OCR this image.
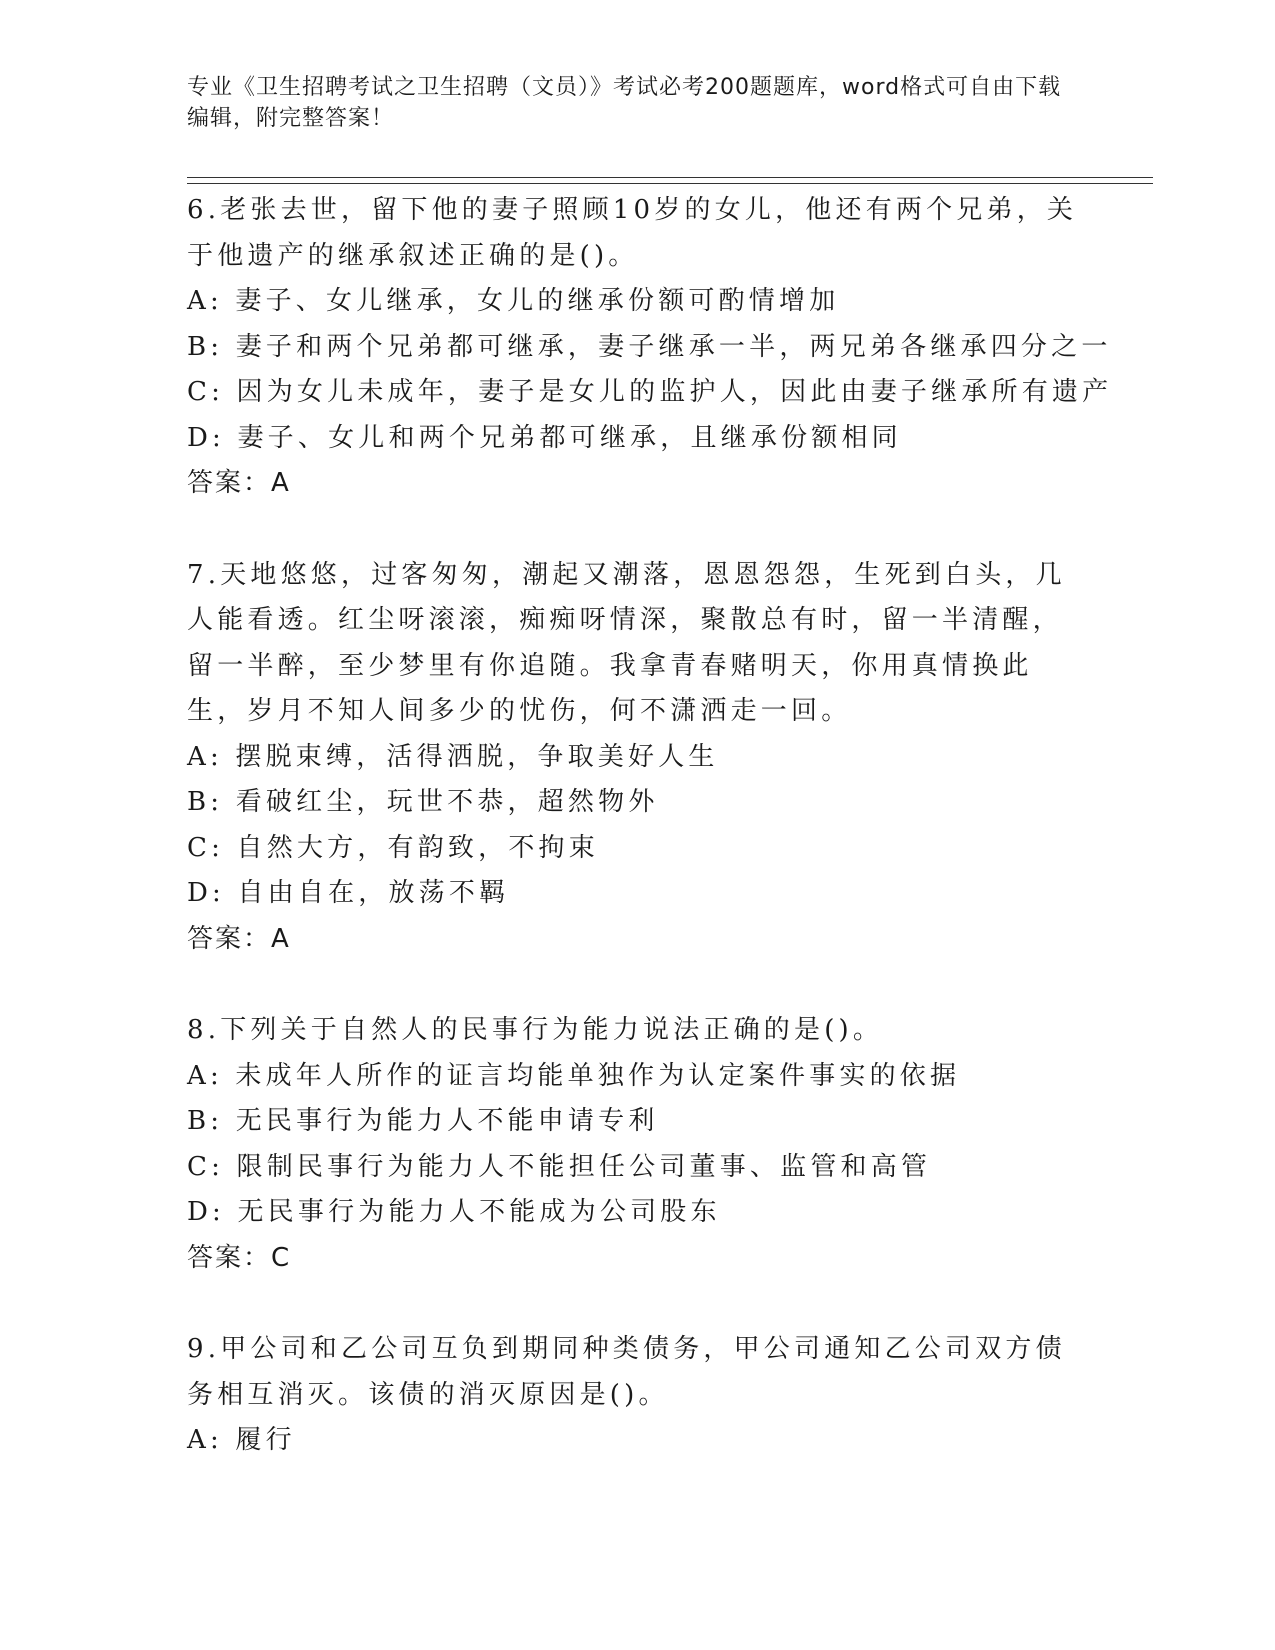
专业《卫生招聘考试之卫生招聘（文员）》考试必考200题题库，word格式可自由下载编辑，附完整答案！
6.老张去世，留下他的妻子照顾10岁的女儿，他还有两个兄弟，关于他遗产的继承叙述正确的是()。
A: 妻子、女儿继承，女儿的继承份额可酌情增加
B: 妻子和两个兄弟都可继承，妻子继承一半，两兄弟各继承四分之一
C: 因为女儿未成年，妻子是女儿的监护人，因此由妻子继承所有遗产
D: 妻子、女儿和两个兄弟都可继承，且继承份额相同
答案：A
7.天地悠悠，过客匆匆，潮起又潮落，恩恩怨怨，生死到白头，几人能看透。红尘呀滚滚，痴痴呀情深，聚散总有时，留一半清醒，留一半醉，至少梦里有你追随。我拿青春赌明天，你用真情换此生，岁月不知人间多少的忧伤，何不潇洒走一回。
A: 摆脱束缚，活得洒脱，争取美好人生
B: 看破红尘，玩世不恭，超然物外
C: 自然大方，有韵致，不拘束
D: 自由自在，放荡不羁
答案：A
8.下列关于自然人的民事行为能力说法正确的是()。
A: 未成年人所作的证言均能单独作为认定案件事实的依据
B: 无民事行为能力人不能申请专利
C: 限制民事行为能力人不能担任公司董事、监管和高管
D: 无民事行为能力人不能成为公司股东
答案：C
9.甲公司和乙公司互负到期同种类债务，甲公司通知乙公司双方债务相互消灭。该债的消灭原因是()。
A: 履行
